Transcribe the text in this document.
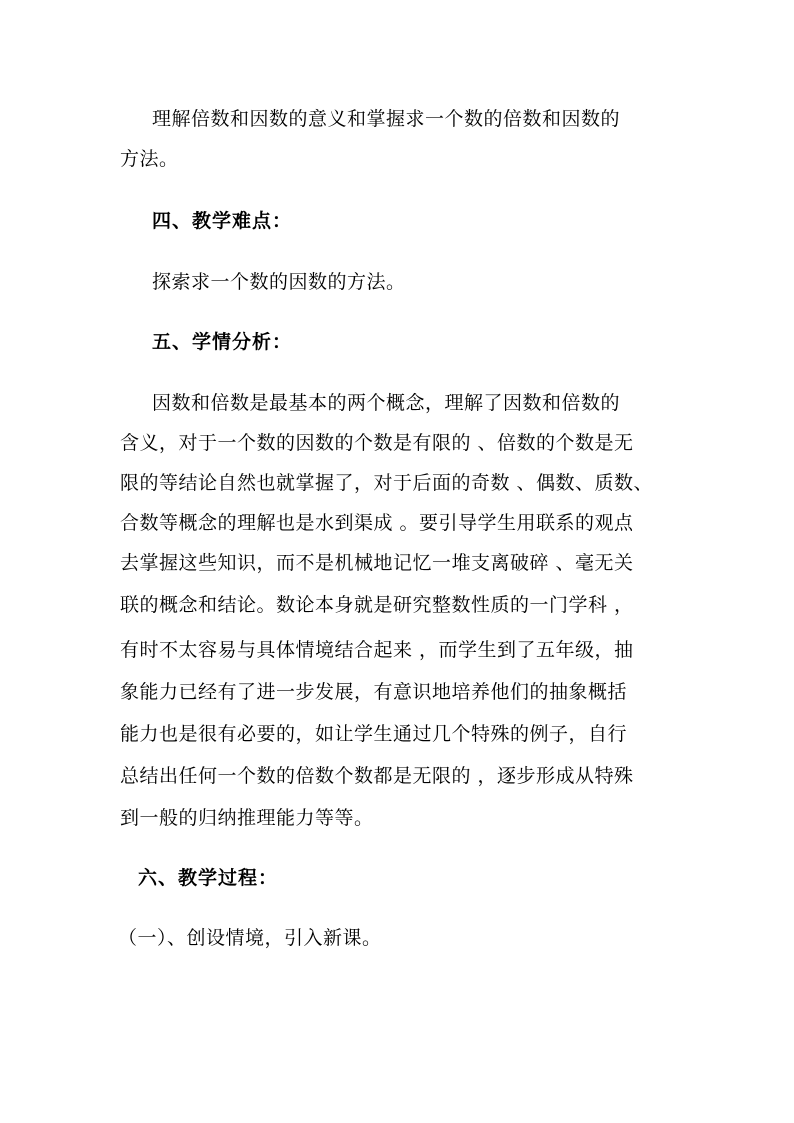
理解倍数和因数的意义和掌握求一个数的倍数和因数的
方法。
四、教学难点：
探索求一个数的因数的方法。
五、学情分析：
因数和倍数是最基本的两个概念，理解了因数和倍数的
含义，对于一个数的因数的个数是有限的 、倍数的个数是无
限的等结论自然也就掌握了，对于后面的奇数 、偶数、质数、
合数等概念的理解也是水到渠成 。要引导学生用联系的观点
去掌握这些知识，而不是机械地记忆一堆支离破碎 、毫无关
联的概念和结论。数论本身就是研究整数性质的一门学科 ，
有时不太容易与具体情境结合起来 ，而学生到了五年级，抽
象能力已经有了进一步发展，有意识地培养他们的抽象概括
能力也是很有必要的，如让学生通过几个特殊的例子，自行
总结出任何一个数的倍数个数都是无限的 ，逐步形成从特殊
到一般的归纳推理能力等等。
六、教学过程：
（一）、创设情境，引入新课。
